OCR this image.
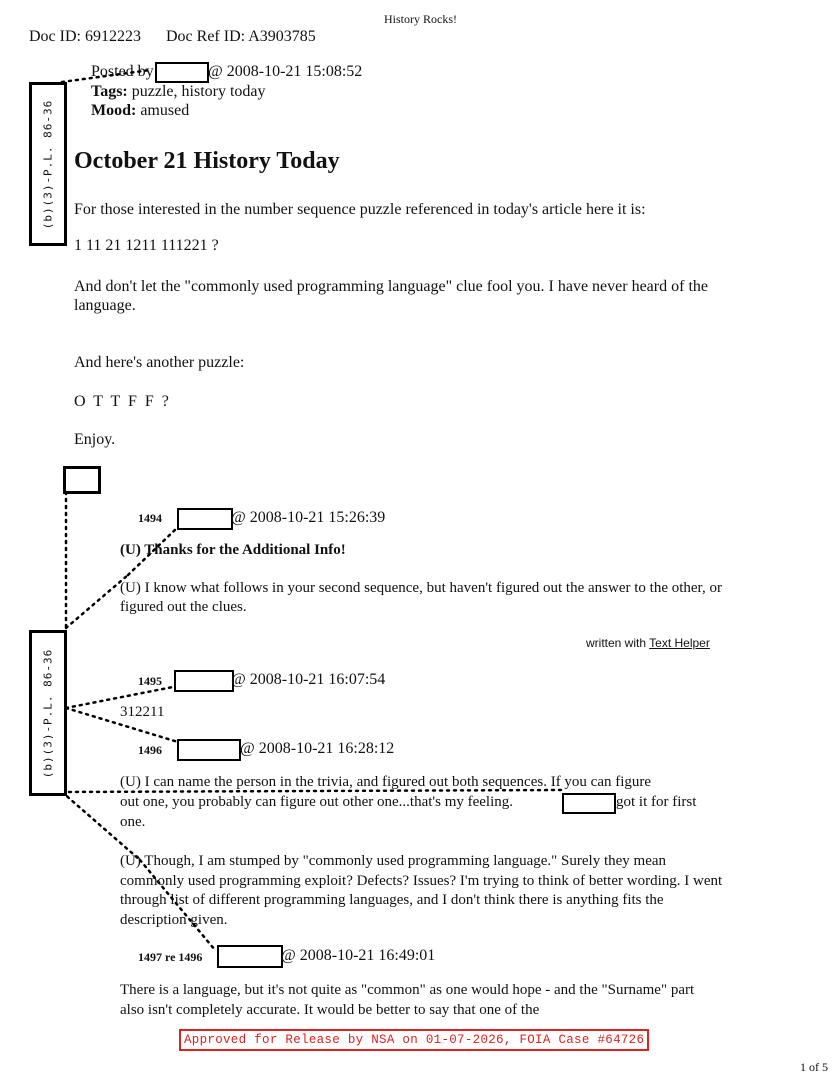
History Rocks!
Doc ID: 6912223 Doc Ref ID: A3903785
(b)(3)-P.L. 86-36
(b)(3)-P.L. 86-36
Posted by	@ 2008-10-21 15:08:52
Tags: puzzle, history today
Mood: amused
October 21 History Today
For those interested in the number sequence puzzle referenced in today's article here it is:
1 11 21 1211 111221 ?
And don't let the "commonly used programming language" clue fool you. I have never heard of the language.
And here's another puzzle:
O T T F F ?
Enjoy.
1494	@ 2008-10-21 15:26:39
(U) Thanks for the Additional Info!
(U) I know what follows in your second sequence, but haven't figured out the answer to the other, or figured out the clues.
written with Text Helper
1495	@ 2008-10-21 16:07:54
312211
1496	@ 2008-10-21 16:28:12
(U) I can name the person in the trivia, and figured out both sequences. If you can figure
out one, you probably can figure out other one...that's my feeling.	got it for first
one.
(U) Though, I am stumped by "commonly used programming language." Surely they mean commonly used programming exploit? Defects? Issues? I'm trying to think of better wording. I went through list of different programming languages, and I don't think there is anything fits the description given.
1497 re 1496	@ 2008-10-21 16:49:01
There is a language, but it's not quite as "common" as one would hope - and the "Surname" part also isn't completely accurate. It would be better to say that one of the
Approved for Release by NSA on 01-07-2026, FOIA Case #64726
1 of 5
